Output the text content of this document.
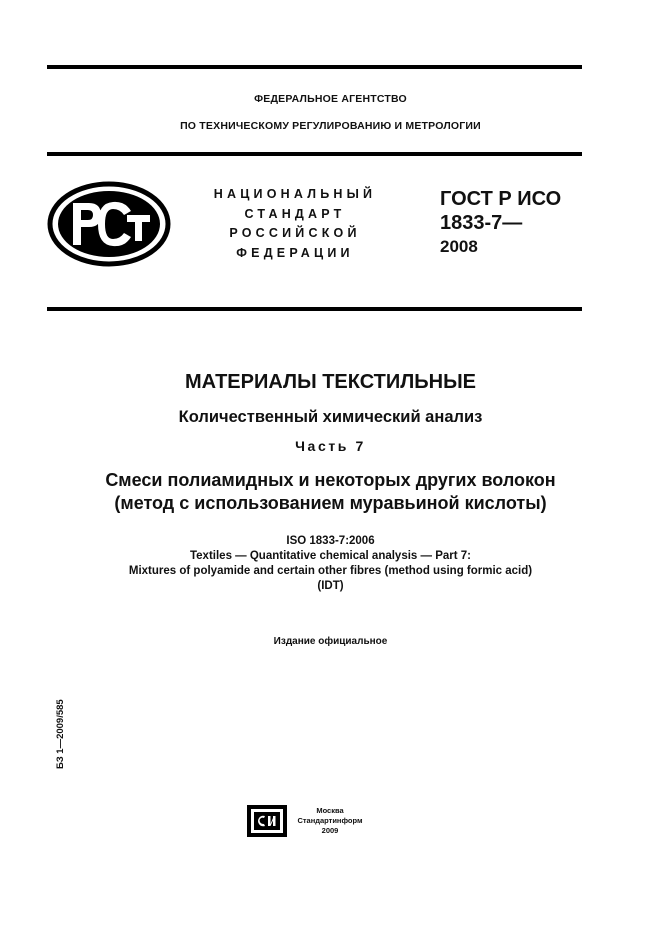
ФЕДЕРАЛЬНОЕ АГЕНТСТВО
ПО ТЕХНИЧЕСКОМУ РЕГУЛИРОВАНИЮ И МЕТРОЛОГИИ
НАЦИОНАЛЬНЫЙ
СТАНДАРТ
РОССИЙСКОЙ
ФЕДЕРАЦИИ
ГОСТ Р ИСО
1833-7—
2008
МАТЕРИАЛЫ ТЕКСТИЛЬНЫЕ
Количественный химический анализ
Часть 7
Смеси полиамидных и некоторых других волокон
(метод с использованием муравьиной кислоты)
ISO 1833-7:2006
Textiles — Quantitative chemical analysis — Part 7:
Mixtures of polyamide and certain other fibres (method using formic acid)
(IDT)
Издание официальное
БЗ 1—2009/585
Москва
Стандартинформ
2009
